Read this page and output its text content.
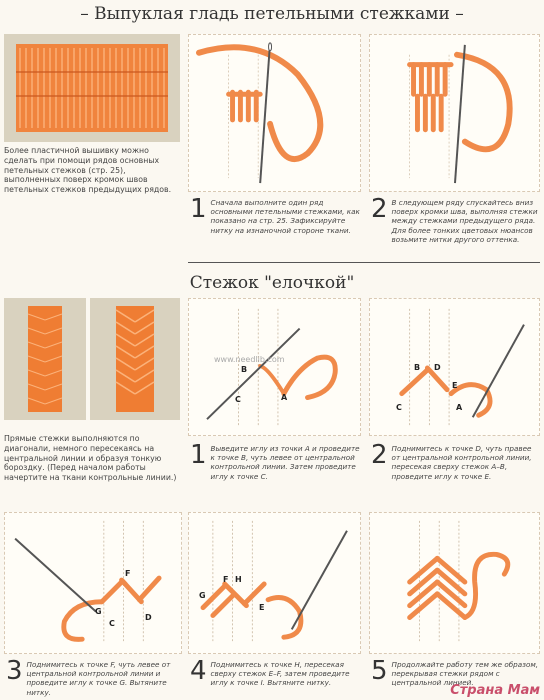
– Выпуклая гладь петельными стежками –
Стежок "елочкой"
Более пластичной вышивку можно сделать при помощи рядов основных петельных стежков (стр. 25), выполненных поверх кромок швов петельных стежков предыдущих рядов.
1 Сначала выполните один ряд основными петельными стежками, как показано на стр. 25. Зафиксируйте нитку на изнаночной стороне ткани.
2 В следующем ряду спускайтесь вниз поверх кромки шва, выполняя стежки между стежками предыдущего ряда. Для более тонких цветовых нюансов возьмите нитки другого оттенка.
Прямые стежки выполняются по диагонали, немного пересекаясь на центральной линии и образуя тонкую бороздку. (Перед началом работы начертите на ткани контрольные линии.)
B
C	A
www.needlib.com
1 Выведите иглу из точки A и проведите к точке B, чуть левее от центральной контрольной линии. Затем проведите иглу к точке C.
B D
C
E
A
2 Поднимитесь к точке D, чуть правее от центральной контрольной линии, пересекая сверху стежок A–B, проведите иглу к точке E.
F
G
C
D
3 Поднимитесь к точке F, чуть левее от центральной контрольной линии и проведите иглу к точке G. Вытяните нитку.
G
F H
E
4 Поднимитесь к точке H, пересекая сверху стежок E–F, затем проведите иглу к точке I. Вытяните нитку.	5 Продолжайте работу тем же образом, перекрывая стежки рядом с центральной линией.
Страна Мам
